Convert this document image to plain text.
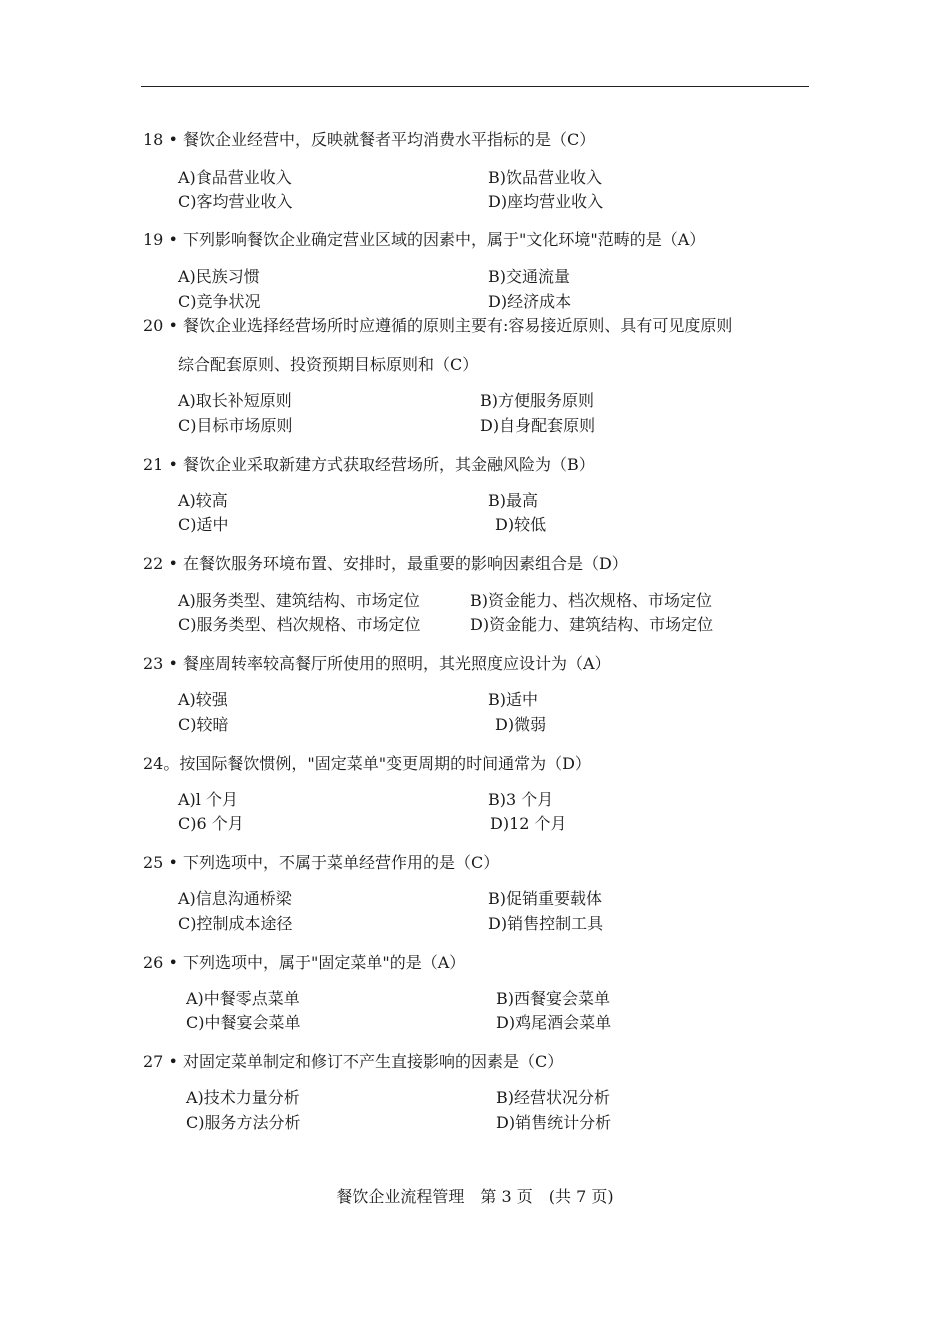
18 • 餐饮企业经营中，反映就餐者平均消费水平指标的是（C）
A)食品营业收入	B)饮品营业收入
C)客均营业收入	D)座均营业收入
19 • 下列影响餐饮企业确定营业区域的因素中，属于"文化环境"范畴的是（A）
A)民族习惯	B)交通流量
C)竞争状况	D)经济成本
20 • 餐饮企业选择经营场所时应遵循的原则主要有:容易接近原则、具有可见度原则
综合配套原则、投资预期目标原则和（C）
A)取长补短原则	B)方便服务原则
C)目标市场原则	D)自身配套原则
21 • 餐饮企业采取新建方式获取经营场所，其金融风险为（B）
A)较高	B)最高
C)适中	D)较低
22 • 在餐饮服务环境布置、安排时，最重要的影响因素组合是（D）
A)服务类型、建筑结构、市场定位	B)资金能力、档次规格、市场定位
C)服务类型、档次规格、市场定位	D)资金能力、建筑结构、市场定位
23 • 餐座周转率较高餐厅所使用的照明，其光照度应设计为（A）
A)较强	B)适中
C)较暗	D)微弱
24。按国际餐饮惯例，"固定菜单"变更周期的时间通常为（D）
A)l 个月	B)3 个月
C)6 个月	D)12 个月
25 • 下列选项中，不属于菜单经营作用的是（C）
A)信息沟通桥梁	B)促销重要载体
C)控制成本途径	D)销售控制工具
26 • 下列选项中，属于"固定菜单"的是（A）
A)中餐零点菜单	B)西餐宴会菜单
C)中餐宴会菜单	D)鸡尾酒会菜单
27 • 对固定菜单制定和修订不产生直接影响的因素是（C）
A)技术力量分析	B)经营状况分析
C)服务方法分析	D)销售统计分析
餐饮企业流程管理　第 3 页　(共 7 页)
